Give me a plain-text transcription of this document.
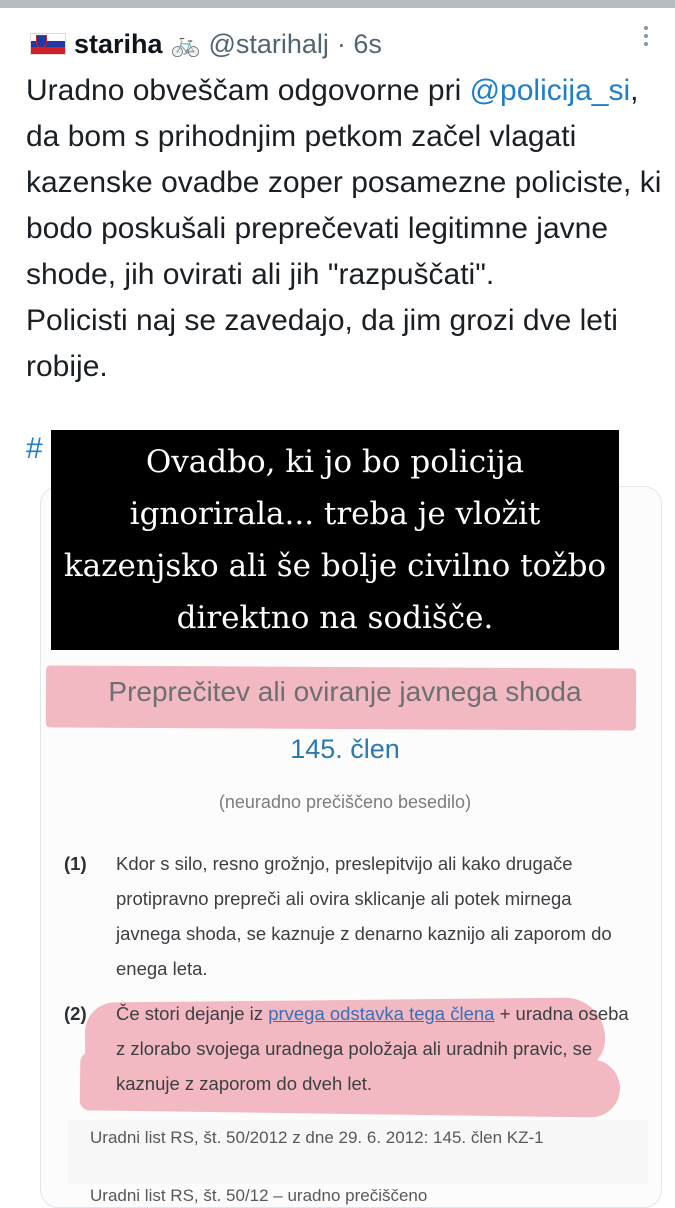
stariha 🚲 @starihalj · 6s

Uradno obveščam odgovorne pri @policija_si, da bom s prihodnjim petkom začel vlagati kazenske ovadbe zoper posamezne policiste, ki bodo poskušali preprečevati legitimne javne shode, jih ovirati ali jih "razpuščati".

Policisti naj se zavedajo, da jim grozi dve leti robije.

#
Preprečitev ali oviranje javnega shoda
145. člen
(neuradno prečiščeno besedilo)
(1) Kdor s silo, resno grožnjo, preslepitvijo ali kako drugače protipravno prepreči ali ovira sklicanje ali potek mirnega javnega shoda, se kaznuje z denarno kaznijo ali zaporom do enega leta.
(2) Če stori dejanje iz prvega odstavka tega člena + uradna oseba z zlorabo svojega uradnega položaja ali uradnih pravic, se kaznuje z zaporom do dveh let.
Uradni list RS, št. 50/2012 z dne 29. 6. 2012: 145. člen KZ-1
Uradni list RS, št. 50/12 – uradno prečiščeno
Ovadbo, ki jo bo policija ignorirala... treba je vložit kazenjsko ali še bolje civilno tožbo direktno na sodišče.
